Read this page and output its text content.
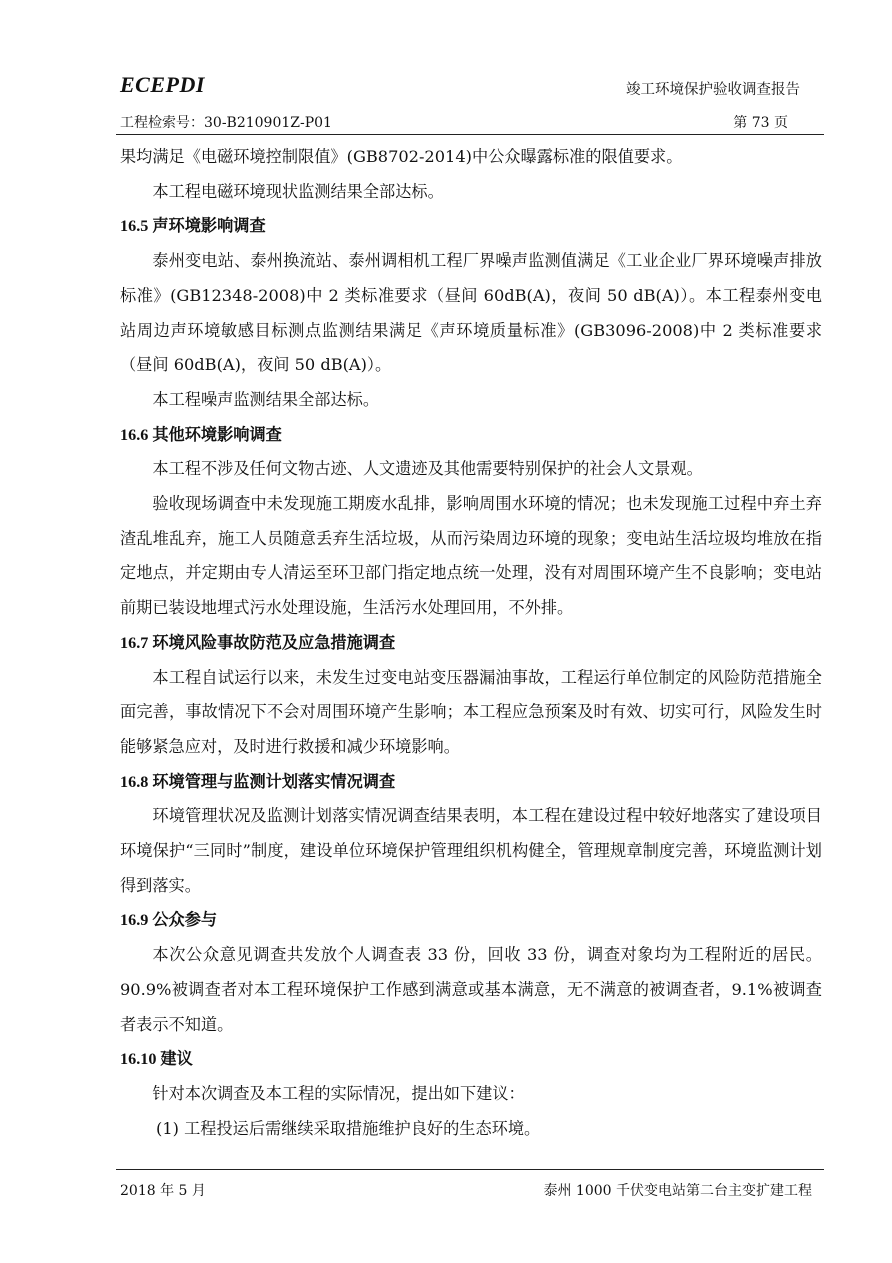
ECEPDI	竣工环境保护验收调查报告
工程检索号：30-B210901Z-P01	第 73 页

果均满足《电磁环境控制限值》(GB8702-2014)中公众曝露标准的限值要求。

本工程电磁环境现状监测结果全部达标。

16.5 声环境影响调查

泰州变电站、泰州换流站、泰州调相机工程厂界噪声监测值满足《工业企业厂界环境噪声排放标准》(GB12348-2008)中 2 类标准要求（昼间 60dB(A)，夜间 50 dB(A)）。本工程泰州变电站周边声环境敏感目标测点监测结果满足《声环境质量标准》(GB3096-2008)中 2 类标准要求（昼间 60dB(A)，夜间 50 dB(A)）。

本工程噪声监测结果全部达标。

16.6 其他环境影响调查

本工程不涉及任何文物古迹、人文遗迹及其他需要特别保护的社会人文景观。

验收现场调查中未发现施工期废水乱排，影响周围水环境的情况；也未发现施工过程中弃土弃渣乱堆乱弃，施工人员随意丢弃生活垃圾，从而污染周边环境的现象；变电站生活垃圾均堆放在指定地点，并定期由专人清运至环卫部门指定地点统一处理，没有对周围环境产生不良影响；变电站前期已装设地埋式污水处理设施，生活污水处理回用，不外排。

16.7 环境风险事故防范及应急措施调查

本工程自试运行以来，未发生过变电站变压器漏油事故，工程运行单位制定的风险防范措施全面完善，事故情况下不会对周围环境产生影响；本工程应急预案及时有效、切实可行，风险发生时能够紧急应对，及时进行救援和减少环境影响。

16.8 环境管理与监测计划落实情况调查

环境管理状况及监测计划落实情况调查结果表明，本工程在建设过程中较好地落实了建设项目环境保护“三同时”制度，建设单位环境保护管理组织机构健全，管理规章制度完善，环境监测计划得到落实。

16.9 公众参与

本次公众意见调查共发放个人调查表 33 份，回收 33 份，调查对象均为工程附近的居民。90.9%被调查者对本工程环境保护工作感到满意或基本满意，无不满意的被调查者，9.1%被调查者表示不知道。

16.10 建议

针对本次调查及本工程的实际情况，提出如下建议：

(1) 工程投运后需继续采取措施维护良好的生态环境。

2018 年 5 月	泰州 1000 千伏变电站第二台主变扩建工程
